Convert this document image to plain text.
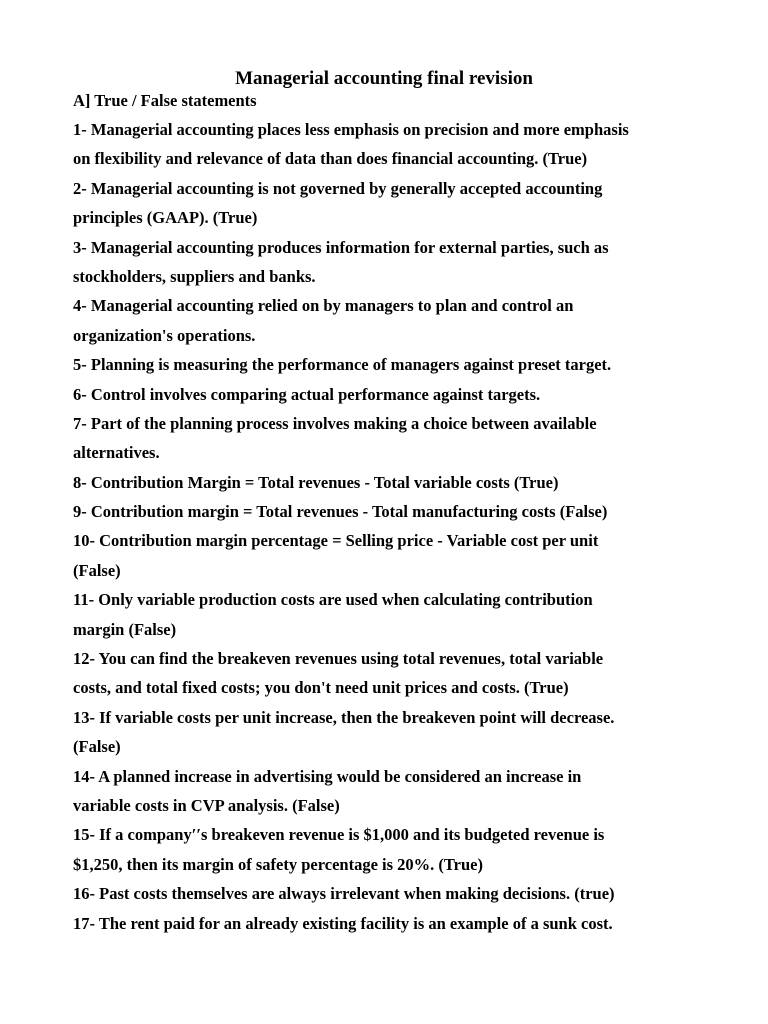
Managerial accounting final revision
A] True / False statements
1- Managerial accounting places less emphasis on precision and more emphasis
on flexibility and relevance of data than does financial accounting. (True)
2- Managerial accounting is not governed by generally accepted accounting
principles (GAAP). (True)
3- Managerial accounting produces information for external parties, such as
stockholders, suppliers and banks.
4- Managerial accounting relied on by managers to plan and control an
organization's operations.
5- Planning is measuring the performance of managers against preset target.
6- Control involves comparing actual performance against targets.
7- Part of the planning process involves making a choice between available
alternatives.
8- Contribution Margin = Total revenues - Total variable costs (True)
9- Contribution margin = Total revenues - Total manufacturing costs (False)
10- Contribution margin percentage = Selling price - Variable cost per unit
(False)
11- Only variable production costs are used when calculating contribution
margin (False)
12- You can find the breakeven revenues using total revenues, total variable
costs, and total fixed costs; you don't need unit prices and costs. (True)
13- If variable costs per unit increase, then the breakeven point will decrease.
(False)
14- A planned increase in advertising would be considered an increase in
variable costs in CVP analysis. (False)
15- If a company′′s breakeven revenue is $1,000 and its budgeted revenue is
$1,250, then its margin of safety percentage is 20%. (True)
16- Past costs themselves are always irrelevant when making decisions. (true)
17- The rent paid for an already existing facility is an example of a sunk cost.
